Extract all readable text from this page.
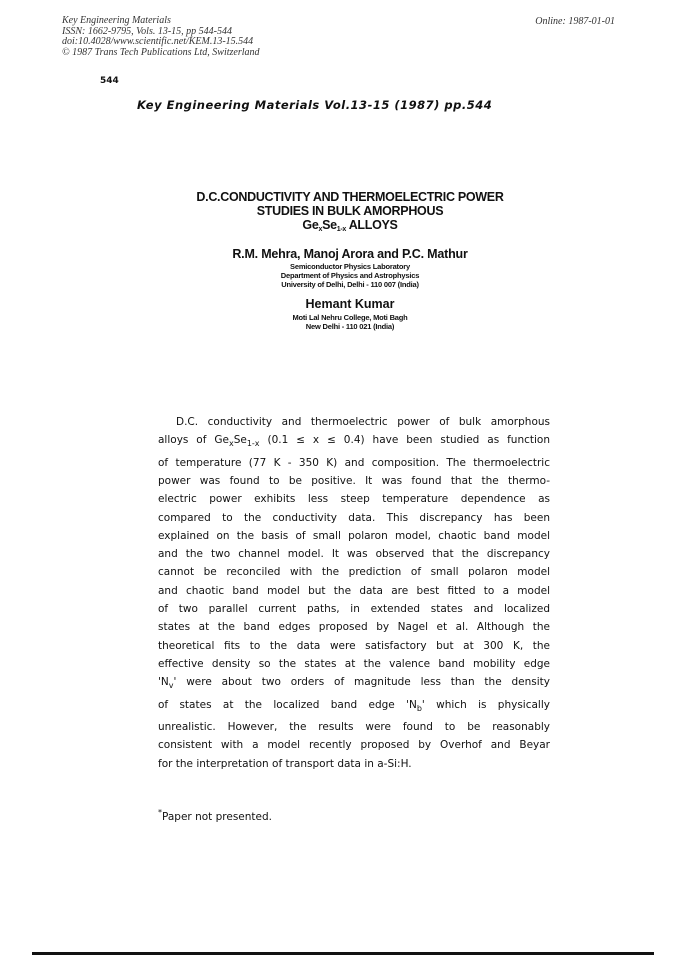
Key Engineering Materials
ISSN: 1662-9795, Vols. 13-15, pp 544-544
doi:10.4028/www.scientific.net/KEM.13-15.544
© 1987 Trans Tech Publications Ltd, Switzerland
Online: 1987-01-01
544
Key Engineering Materials Vol.13-15 (1987) pp.544
D.C.CONDUCTIVITY AND THERMOELECTRIC POWER
STUDIES IN BULK AMORPHOUS
GexSe$_{1-x}$ ALLOYS
R.M. Mehra, Manoj Arora and P.C. Mathur
Semiconductor Physics Laboratory
Department of Physics and Astrophysics
University of Delhi, Delhi - 110 007 (India)
Hemant Kumar
Moti Lal Nehru College, Moti Bagh
New Delhi - 110 021 (India)
D.C. conductivity and thermoelectric power of bulk amorphous
alloys of $Ge_xSe_{1-x}$ (0.1 ≤ x ≤ 0.4) have been studied as function
of temperature (77 K - 350 K) and composition. The thermoelectric
power was found to be positive. It was found that the thermo-
electric power exhibits less steep temperature dependence as
compared to the conductivity data. This discrepancy has been
explained on the basis of small polaron model, chaotic band model
and the two channel model. It was observed that the discrepancy
cannot be reconciled with the prediction of small polaron model
and chaotic band model but the data are best fitted to a model
of two parallel current paths, in extended states and localized
states at the band edges proposed by Nagel et al. Although the
theoretical fits to the data were satisfactory but at 300 K, the
effective density so the states at the valence band mobility edge
'$N_v$' were about two orders of magnitude less than the density
of states at the localized band edge '$N_b$' which is physically
unrealistic. However, the results were found to be reasonably
consistent with a model recently proposed by Overhof and Beyar
for the interpretation of transport data in a-Si:H.
*Paper not presented.
